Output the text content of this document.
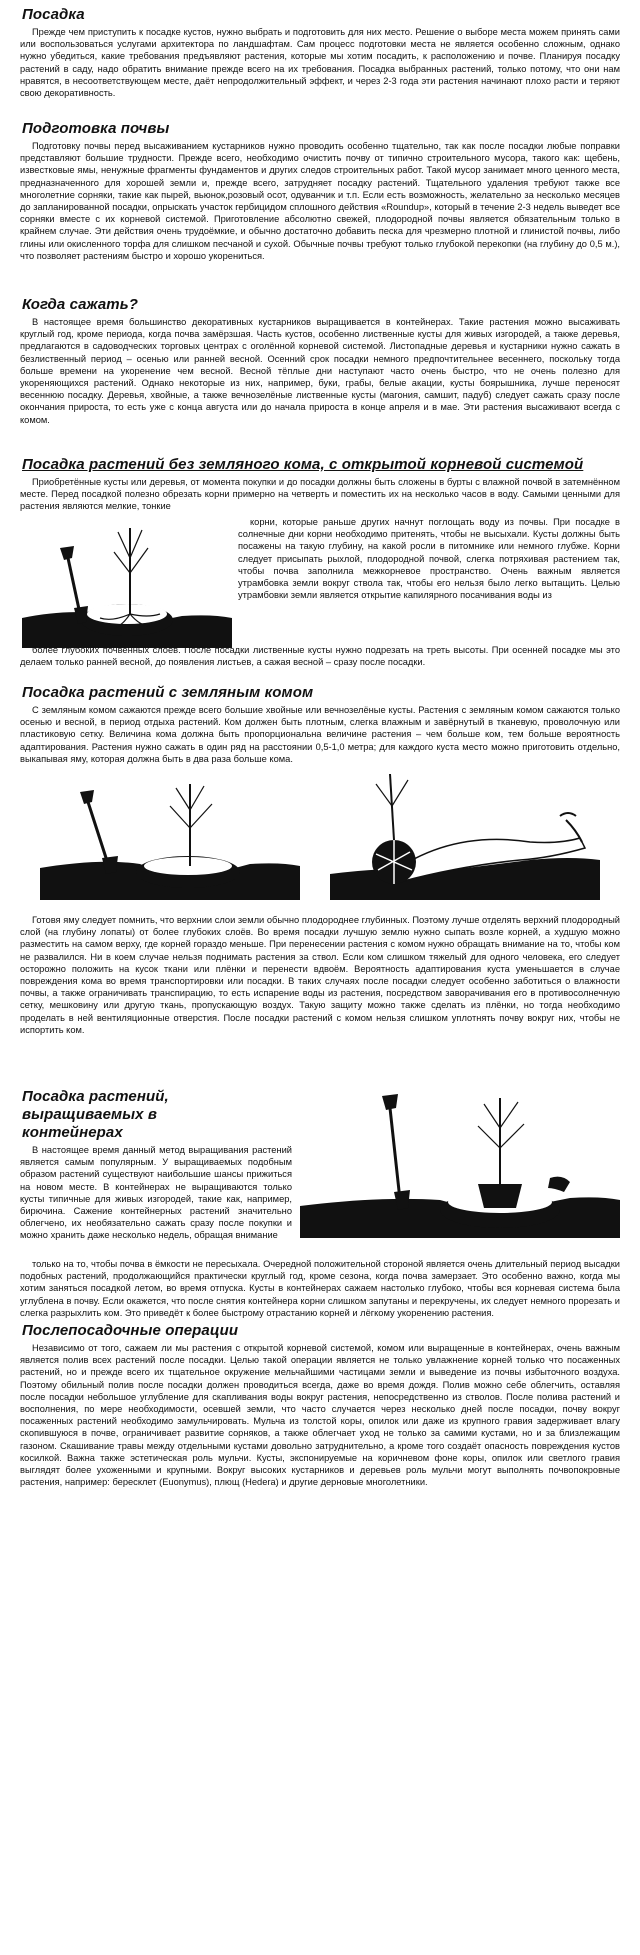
Посадка

Прежде чем приступить к посадке кустов, нужно выбрать и подготовить для них место. Решение о выборе места можем принять сами или воспользоваться услугами архитектора по ландшафтам. Сам процесс подготовки места не является особенно сложным, однако нужно убедиться, какие требования предъявляют растения, которые мы хотим посадить, к расположению и почве. Планируя посадку растений в саду, надо обратить внимание прежде всего на их требования. Посадка выбранных растений, только потому, что они нам нравятся, в несоответствующем месте, даёт непродолжительный эффект, и через 2-3 года эти растения начинают плохо расти и теряют свою декоративность.

Подготовка почвы

Подготовку почвы перед высаживанием кустарников нужно проводить особенно тщательно, так как после посадки любые поправки представляют большие трудности. Прежде всего, необходимо очистить почву от типично строительного мусора, такого как: щебень, известковые ямы, ненужные фрагменты фундаментов и других следов строительных работ. Такой мусор занимает много ценного места, предназначенного для хорошей земли и, прежде всего, затрудняет посадку растений. Тщательного удаления требуют также все многолетние сорняки, такие как пырей, вьюнок,розовый осот, одуванчик и т.п. Если есть возможность, желательно за несколько месяцев до запланированной посадки, опрыскать участок гербицидом сплошного действия «Roundup», который в течение 2-3 недель выведет все сорняки вместе с их корневой системой. Приготовление абсолютно свежей, плодородной почвы является обязательным только в крайнем случае. Эти действия очень трудоёмкие, и обычно достаточно добавить песка для чрезмерно плотной и глинистой почвы, либо глины или окисленного торфа для слишком песчаной и сухой. Обычные почвы требуют только глубокой перекопки (на глубину до 0,5 м.), что позволяет растениям быстро и хорошо укорениться.

Когда сажать?

В настоящее время большинство декоративных кустарников выращивается в контейнерах. Такие растения можно высаживать круглый год, кроме периода, когда почва замёрзшая. Часть кустов, особенно лиственные кусты для живых изгородей, а также деревья, предлагаются в садоводческих торговых центрах с оголённой корневой системой. Листопадные деревья и кустарники нужно сажать в безлиственный период – осенью или ранней весной. Осенний срок посадки немного предпочтительнее весеннего, поскольку тогда больше времени на укоренение чем весной. Весной тёплые дни наступают часто очень быстро, что не очень полезно для укореняющихся растений. Однако некоторые из них, например, буки, грабы, белые акации, кусты боярышника, лучше переносят весеннюю посадку. Деревья, хвойные, а также вечнозелёные лиственные кусты (магония, самшит, падуб) следует сажать сразу после окончания прироста, то есть уже с конца августа или до начала прироста в конце апреля и в мае. Эти растения высаживают всегда с комом.

Посадка растений без земляного кома, с открытой корневой системой

Приобретённые кусты или деревья, от момента покупки и до посадки должны быть сложены в бурты с влажной почвой в затемнённом месте. Перед посадкой полезно обрезать корни примерно на четверть и поместить их на несколько часов в воду. Самыми ценными для растения являются мелкие, тонкие

корни, которые раньше других начнут поглощать воду из почвы. При посадке в солнечные дни корни необходимо притенять, чтобы не высыхали. Кусты должны быть посажены на такую глубину, на какой росли в питомнике или немного глубже. Корни следует присыпать рыхлой, плодородной почвой, слегка потряхивая растением так, чтобы почва заполнила межкорневое пространство. Очень важным является утрамбовка земли вокруг ствола так, чтобы его нельзя было легко вытащить. Целью утрамбовки земли является открытие капилярного посачивания воды из

более глубоких почвенных слоёв. После посадки лиственные кусты нужно подрезать на треть высоты. При осенней посадке мы это делаем только ранней весной, до появления листьев, а сажая весной – сразу после посадки.

Посадка растений с земляным комом

С земляным комом сажаются прежде всего большие хвойные или вечнозелёные кусты. Растения с земляным комом сажаются только осенью и весной, в период отдыха растений. Ком должен быть плотным, слегка влажным и завёрнутый в тканевую, проволочную или пластиковую сетку. Величина кома должна быть пропорциональна величине растения – чем больше ком, тем больше вероятность адаптирования. Растения нужно сажать в один ряд на расстоянии 0,5-1,0 метра; для каждого куста место можно приготовить отдельно, выкапывая яму, которая должна быть в два раза больше кома.

Готовя яму следует помнить, что верхнии слои земли обычно плодороднее глубинных. Поэтому лучше отделять верхний плодородный слой (на глубину лопаты) от более глубоких слоёв. Во время посадки лучшую землю нужно сыпать возле корней, а худшую можно разместить на самом верху, где корней гораздо меньше. При перенесении растения с комом нужно обращать внимание на то, чтобы ком не развалился. Ни в коем случае нельзя поднимать растения за ствол. Если ком слишком тяжелый для одного человека, его следует осторожно положить на кусок ткани или плёнки и перенести вдвоём. Вероятность адаптирования куста уменьшается в случае повреждения кома во время транспортировки или посадки. В таких случаях после посадки следует особенно заботиться о влажности почвы, а также ограничивать транспирацию, то есть испарение воды из растения, посредством заворачивания его в противосолнечную сетку, мешковину или другую ткань, пропускающую воздух. Такую защиту можно также сделать из плёнки, но тогда необходимо проделать в ней вентиляционные отверстия. После посадки растений с комом нельзя слишком уплотнять почву вокруг них, чтобы не испортить ком.

Посадка растений,
выращиваемых в
контейнерах
В настоящее время данный метод выращивания растений является самым популярным. У выращиваемых подобным образом растений существуют наибольшие шансы прижиться на новом месте. В контейнерах не выращиваются только кусты типичные для живых изгородей, такие как, например, бирючина. Сажение контейнерных растений значительно облегчено, их необязательно сажать сразу после покупки и можно хранить даже несколько недель, обращая внимание

только на то, чтобы почва в ёмкости не пересыхала. Очередной положительной стороной является очень длительный период высадки подобных растений, продолжающийся практически круглый год, кроме сезона, когда почва замерзает. Это особенно важно, когда мы хотим заняться посадкой летом, во время отпуска. Кусты в контейнерах сажаем настолько глубоко, чтобы вся корневая система была углублена в почву. Если окажется, что после снятия контейнера корни слишком запутаны и перекручены, их следует немного прорезать и слегка разрыхлить ком. Это приведёт к более быстрому отрастанию корней и лёгкому укоренению растения.

Послепосадочные операции

Независимо от того, сажаем ли мы растения с открытой корневой системой, комом или выращенные в контейнерах, очень важным является полив всех растений после посадки. Целью такой операции является не только увлажнение корней только что посаженных растений, но и прежде всего их тщательное окружение мельчайшими частицами земли и выведение из почвы избыточного воздуха. Поэтому обильный полив после посадки должен проводиться всегда, даже во время дождя. Полив можно себе облегчить, оставляя после посадки небольшое углубление для скапливания воды вокруг растения, непосредственно из стволов. После полива растений и восполнения, по мере необходимости, осевшей земли, что часто случается через несколько дней после посадки, почву вокруг посаженных растений необходимо замульчировать. Мульча из толстой коры, опилок или даже из крупного гравия задерживает влагу скопившуюся в почве, ограничивает развитие сорняков, а также облегчает уход не только за самими кустами, но и за близлежащим газоном. Скашивание травы между отдельными кустами довольно затруднительно, а кроме того создаёт опасность повреждения кустов косилкой. Важна также эстетическая роль мульчи. Кусты, экспонируемые на коричневом фоне коры, опилок или светлого гравия выглядят более ухоженными и крупными. Вокруг высоких кустарников и деревьев роль мульчи могут выполнять почвопокровные растения, например: бересклет (Euonymus), плющ (Hedera) и другие дерновые многолетники.
